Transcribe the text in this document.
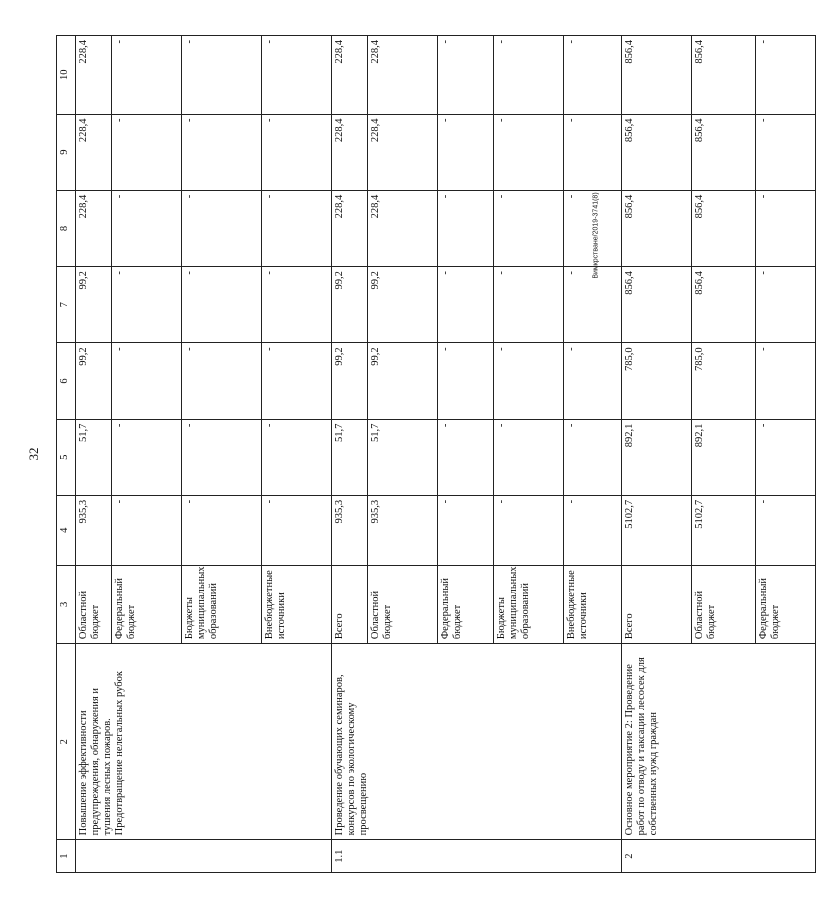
32
1	2	3	4	5	6	7	8	9	10
	Повышение эффективности предупреждения, обнаружения и тушения лесных пожаров. Предотвращение нелегальных рубок	Областной бюджет	935,3	51,7	99,2	99,2	228,4	228,4	228,4
		Федеральный бюджет	-	-	-	-	-	-	-
		Бюджеты муниципальных образований	-	-	-	-	-	-	-
		Внебюджетные источники	-	-	-	-	-	-	-
1.1	Проведение обучающих семинаров, конкурсов по экологическому просвещению	Всего	935,3	51,7	99,2	99,2	228,4	228,4	228,4
		Областной бюджет	935,3	51,7	99,2	99,2	228,4	228,4	228,4
		Федеральный бюджет	-	-	-	-	-	-	-
		Бюджеты муниципальных образований	-	-	-	-	-	-	-
		Внебюджетные источники	-	-	-	-	-	-	-
2	Основное мероприятие 2: Проведение работ по отводу и таксации лесосек для собственных нужд граждан	Всего	5102,7	892,1	785,0	856,4	856,4	856,4	856,4
		Областной бюджет	5102,7	892,1	785,0	856,4	856,4	856,4	856,4
		Федеральный бюджет	-	-	-	-	-	-	-
Вимкрстване/2019-3741(8)
